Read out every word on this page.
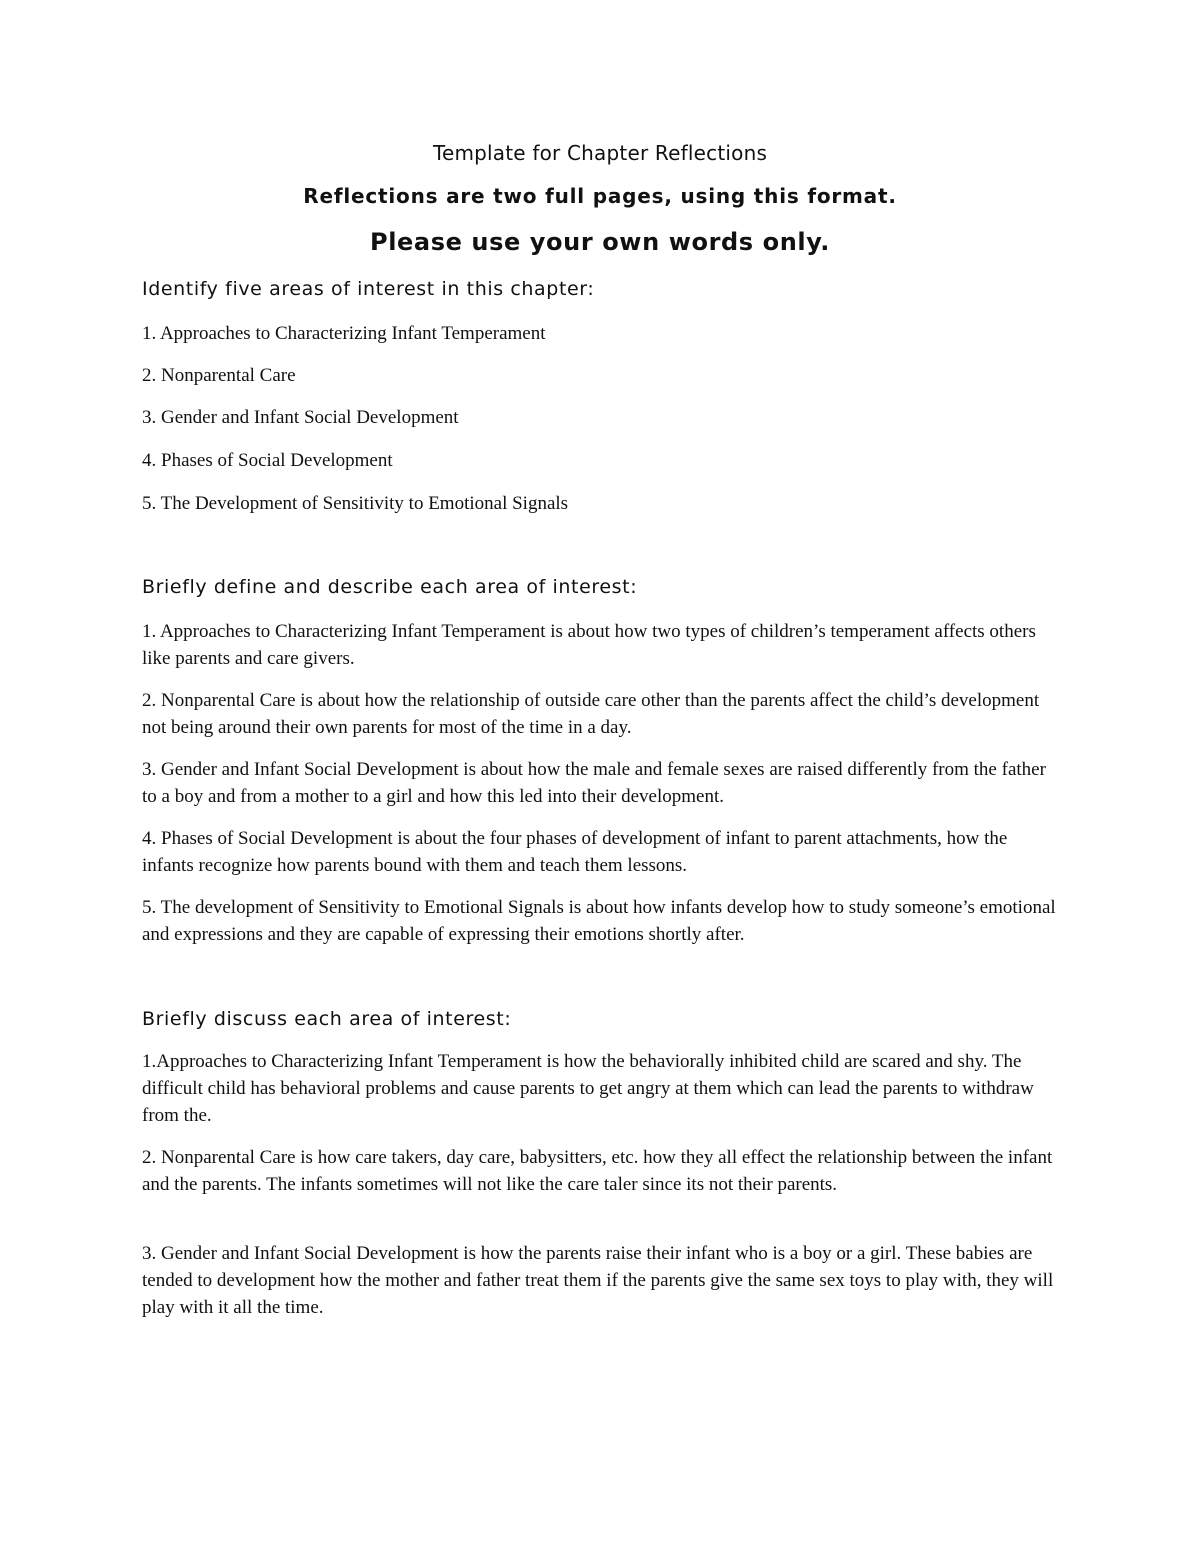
Template for Chapter Reflections
Reflections are two full pages, using this format.
Please use your own words only.
Identify five areas of interest in this chapter:
1. Approaches to Characterizing Infant Temperament
2. Nonparental Care
3. Gender and Infant Social Development
4. Phases of Social Development
5. The Development of Sensitivity to Emotional Signals
Briefly define and describe each area of interest:
1. Approaches to Characterizing Infant Temperament is about how two types of children’s temperament affects others like parents and care givers.
2. Nonparental Care is about how the relationship of outside care other than the parents affect the child’s development not being around their own parents for most of the time in a day.
3. Gender and Infant Social Development is about how the male and female sexes are raised differently from the father to a boy and from a mother to a girl and how this led into their development.
4. Phases of Social Development is about the four phases of development of infant to parent attachments, how the infants recognize how parents bound with them and teach them lessons.
5. The development of Sensitivity to Emotional Signals is about how infants develop how to study someone’s emotional and expressions and they are capable of expressing their emotions shortly after.
Briefly discuss each area of interest:
1.Approaches to Characterizing Infant Temperament is how the behaviorally inhibited child are scared and shy. The difficult child has behavioral problems and cause parents to get angry at them which can lead the parents to withdraw from the.
2. Nonparental Care is how care takers, day care, babysitters, etc. how they all effect the relationship between the infant and the parents. The infants sometimes will not like the care taler since its not their parents.
3. Gender and Infant Social Development is how the parents raise their infant who is a boy or a girl. These babies are tended to development how the mother and father treat them if the parents give the same sex toys to play with, they will play with it all the time.
